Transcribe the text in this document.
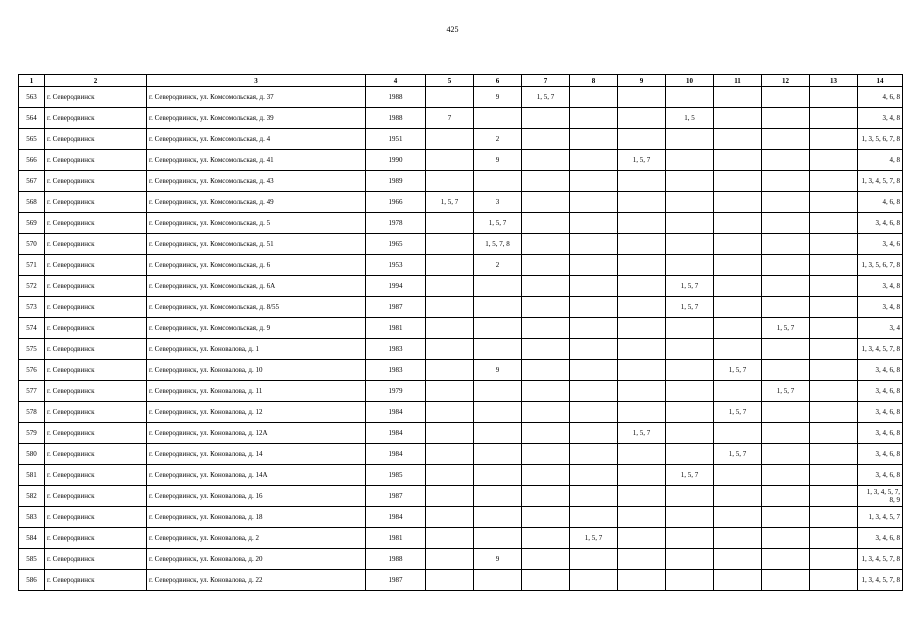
425
1	2	3	4	5	6	7	8	9	10	11	12	13	14
563	г. Северодвинск	г. Северодвинск, ул. Комсомольская, д. 37	1988		9	1, 5, 7							4, 6, 8
564	г. Северодвинск	г. Северодвинск, ул. Комсомольская, д. 39	1988	7					1, 5				3, 4, 8
565	г. Северодвинск	г. Северодвинск, ул. Комсомольская, д. 4	1951		2								1, 3, 5, 6, 7, 8
566	г. Северодвинск	г. Северодвинск, ул. Комсомольская, д. 41	1990		9			1, 5, 7					4, 8
567	г. Северодвинск	г. Северодвинск, ул. Комсомольская, д. 43	1989										1, 3, 4, 5, 7, 8
568	г. Северодвинск	г. Северодвинск, ул. Комсомольская, д. 49	1966	1, 5, 7	3								4, 6, 8
569	г. Северодвинск	г. Северодвинск, ул. Комсомольская, д. 5	1978		1, 5, 7								3, 4, 6, 8
570	г. Северодвинск	г. Северодвинск, ул. Комсомольская, д. 51	1965		1, 5, 7, 8								3, 4, 6
571	г. Северодвинск	г. Северодвинск, ул. Комсомольская, д. 6	1953		2								1, 3, 5, 6, 7, 8
572	г. Северодвинск	г. Северодвинск, ул. Комсомольская, д. 6А	1994						1, 5, 7				3, 4, 8
573	г. Северодвинск	г. Северодвинск, ул. Комсомольская, д. 8/55	1987						1, 5, 7				3, 4, 8
574	г. Северодвинск	г. Северодвинск, ул. Комсомольская, д. 9	1981								1, 5, 7		3, 4
575	г. Северодвинск	г. Северодвинск, ул. Коновалова, д. 1	1983										1, 3, 4, 5, 7, 8
576	г. Северодвинск	г. Северодвинск, ул. Коновалова, д. 10	1983		9					1, 5, 7			3, 4, 6, 8
577	г. Северодвинск	г. Северодвинск, ул. Коновалова, д. 11	1979								1, 5, 7		3, 4, 6, 8
578	г. Северодвинск	г. Северодвинск, ул. Коновалова, д. 12	1984							1, 5, 7			3, 4, 6, 8
579	г. Северодвинск	г. Северодвинск, ул. Коновалова, д. 12А	1984					1, 5, 7					3, 4, 6, 8
580	г. Северодвинск	г. Северодвинск, ул. Коновалова, д. 14	1984							1, 5, 7			3, 4, 6, 8
581	г. Северодвинск	г. Северодвинск, ул. Коновалова, д. 14А	1985						1, 5, 7				3, 4, 6, 8
582	г. Северодвинск	г. Северодвинск, ул. Коновалова, д. 16	1987										1, 3, 4, 5, 7, 8, 9
583	г. Северодвинск	г. Северодвинск, ул. Коновалова, д. 18	1984										1, 3, 4, 5, 7
584	г. Северодвинск	г. Северодвинск, ул. Коновалова, д. 2	1981				1, 5, 7						3, 4, 6, 8
585	г. Северодвинск	г. Северодвинск, ул. Коновалова, д. 20	1988		9								1, 3, 4, 5, 7, 8
586	г. Северодвинск	г. Северодвинск, ул. Коновалова, д. 22	1987										1, 3, 4, 5, 7, 8
